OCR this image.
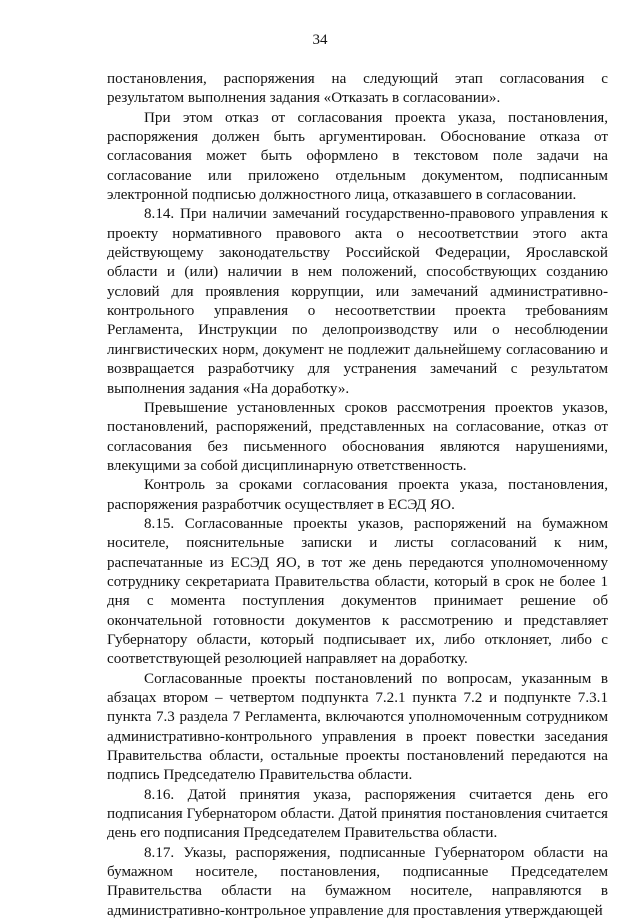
34

постановления, распоряжения на следующий этап согласования с результатом выполнения задания «Отказать в согласовании».

При этом отказ от согласования проекта указа, постановления, распоряжения должен быть аргументирован. Обоснование отказа от согласования может быть оформлено в текстовом поле задачи на согласование или приложено отдельным документом, подписанным электронной подписью должностного лица, отказавшего в согласовании.

8.14. При наличии замечаний государственно-правового управления к проекту нормативного правового акта о несоответствии этого акта действующему законодательству Российской Федерации, Ярославской области и (или) наличии в нем положений, способствующих созданию условий для проявления коррупции, или замечаний административно-контрольного управления о несоответствии проекта требованиям Регламента, Инструкции по делопроизводству или о несоблюдении лингвистических норм, документ не подлежит дальнейшему согласованию и возвращается разработчику для устранения замечаний с результатом выполнения задания «На доработку».

Превышение установленных сроков рассмотрения проектов указов, постановлений, распоряжений, представленных на согласование, отказ от согласования без письменного обоснования являются нарушениями, влекущими за собой дисциплинарную ответственность.

Контроль за сроками согласования проекта указа, постановления, распоряжения разработчик осуществляет в ЕСЭД ЯО.

8.15. Согласованные проекты указов, распоряжений на бумажном носителе, пояснительные записки и листы согласований к ним, распечатанные из ЕСЭД ЯО, в тот же день передаются уполномоченному сотруднику секретариата Правительства области, который в срок не более 1 дня с момента поступления документов принимает решение об окончательной готовности документов к рассмотрению и представляет Губернатору области, который подписывает их, либо отклоняет, либо с соответствующей резолюцией направляет на доработку.

Согласованные проекты постановлений по вопросам, указанным в абзацах втором – четвертом подпункта 7.2.1 пункта 7.2 и подпункте 7.3.1 пункта 7.3 раздела 7 Регламента, включаются уполномоченным сотрудником административно-контрольного управления в проект повестки заседания Правительства области, остальные проекты постановлений передаются на подпись Председателю Правительства области.

8.16. Датой принятия указа, распоряжения считается день его подписания Губернатором области. Датой принятия постановления считается день его подписания Председателем Правительства области.

8.17. Указы, распоряжения, подписанные Губернатором области на бумажном носителе, постановления, подписанные Председателем Правительства области на бумажном носителе, направляются в административно-контрольное управление для проставления утверждающей
